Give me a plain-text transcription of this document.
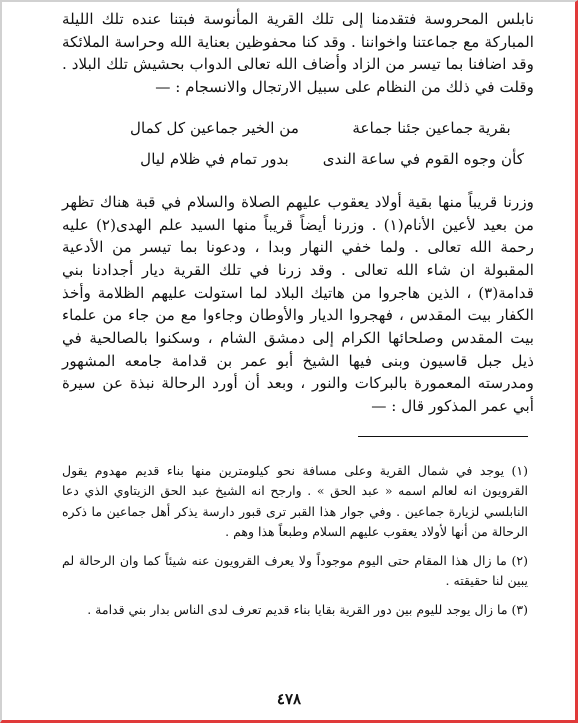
نابلس المحروسة فتقدمنا إلى تلك القرية المأنوسة فبتنا عنده تلك الليلة المباركة مع جماعتنا واخواننا . وقد كنا محفوظين بعناية الله وحراسة الملائكة وقد اضافنا بما تيسر من الزاد وأضاف الله تعالى الدواب بحشيش تلك البلاد . وقلت في ذلك من النظام على سبيل الارتجال والانسجام : —

بقرية جماعين جئنا جماعة
من الخير جماعين كل كمال
كأن وجوه القوم في ساعة الندى
بدور تمام في ظلام ليال

وزرنا قريباً منها بقية أولاد يعقوب عليهم الصلاة والسلام في قبة هناك تظهر من بعيد لأعين الأنام(١) . وزرنا أيضاً قريباً منها السيد علم الهدى(٢) عليه رحمة الله تعالى . ولما خفي النهار وبدا ، ودعونا بما تيسر من الأدعية المقبولة ان شاء الله تعالى . وقد زرنا في تلك القرية ديار أجدادنا بني قدامة(٣) ، الذين هاجروا من هاتيك البلاد لما استولت عليهم الظلامة وأخذ الكفار بيت المقدس ، فهجروا الديار والأوطان وجاءوا مع من جاء من علماء بيت المقدس وصلحائها الكرام إلى دمشق الشام ، وسكنوا بالصالحية في ذيل جبل قاسيون وبنى فيها الشيخ أبو عمر بن قدامة جامعه المشهور ومدرسته المعمورة بالبركات والنور ، وبعد أن أورد الرحالة نبذة عن سيرة أبي عمر المذكور قال : —

(١) يوجد في شمال القرية وعلى مسافة نحو كيلومترين منها بناء قديم مهدوم يقول القرويون انه لعالم اسمه « عبد الحق » . وارجح انه الشيخ عبد الحق الزيتاوي الذي دعا النابلسي لزيارة جماعين . وفي جوار هذا القبر ترى قبور دارسة يذكر أهل جماعين ما ذكره الرحالة من أنها لأولاد يعقوب عليهم السلام وطبعاً هذا وهم .

(٢) ما زال هذا المقام حتى اليوم موجوداً ولا يعرف القرويون عنه شيئاً كما وان الرحالة لم يبين لنا حقيقته .

(٣) ما زال يوجد لليوم بين دور القرية بقايا بناء قديم تعرف لدى الناس بدار بني قدامة .

٤٧٨
